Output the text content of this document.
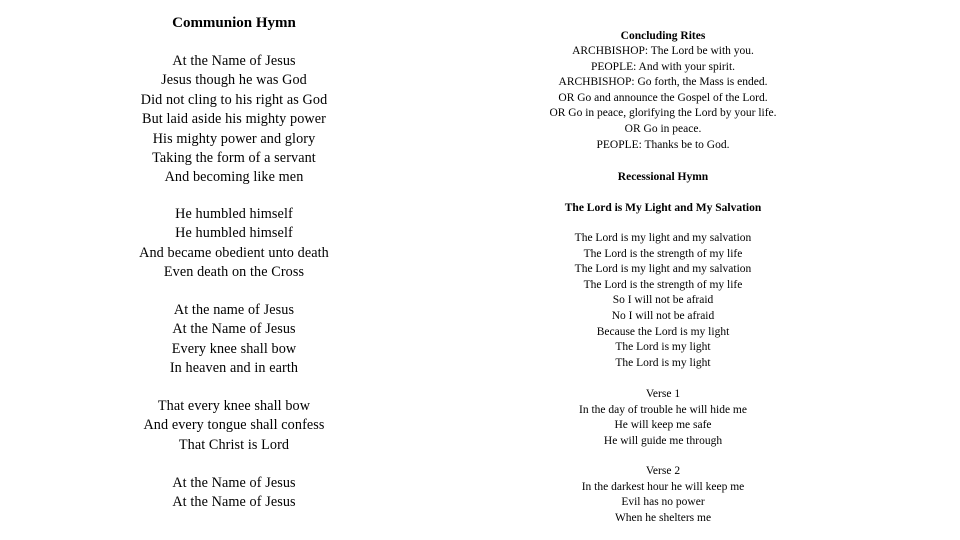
Communion Hymn
At the Name of Jesus
Jesus though he was God
Did not cling to his right as God
But laid aside his mighty power
His mighty power and glory
Taking the form of a servant
And becoming like men
He humbled himself
He humbled himself
And became obedient unto death
Even death on the Cross
At the name of Jesus
At the Name of Jesus
Every knee shall bow
In heaven and in earth
That every knee shall bow
And every tongue shall confess
That Christ is Lord
At the Name of Jesus
At the Name of Jesus
Concluding Rites
ARCHBISHOP: The Lord be with you.
PEOPLE: And with your spirit.
ARCHBISHOP: Go forth, the Mass is ended.
OR Go and announce the Gospel of the Lord.
OR Go in peace, glorifying the Lord by your life.
OR Go in peace.
PEOPLE: Thanks be to God.
Recessional Hymn
The Lord is My Light and My Salvation
The Lord is my light and my salvation
The Lord is the strength of my life
The Lord is my light and my salvation
The Lord is the strength of my life
So I will not be afraid
No I will not be afraid
Because the Lord is my light
The Lord is my light
The Lord is my light
Verse 1
In the day of trouble he will hide me
He will keep me safe
He will guide me through
Verse 2
In the darkest hour he will keep me
Evil has no power
When he shelters me
